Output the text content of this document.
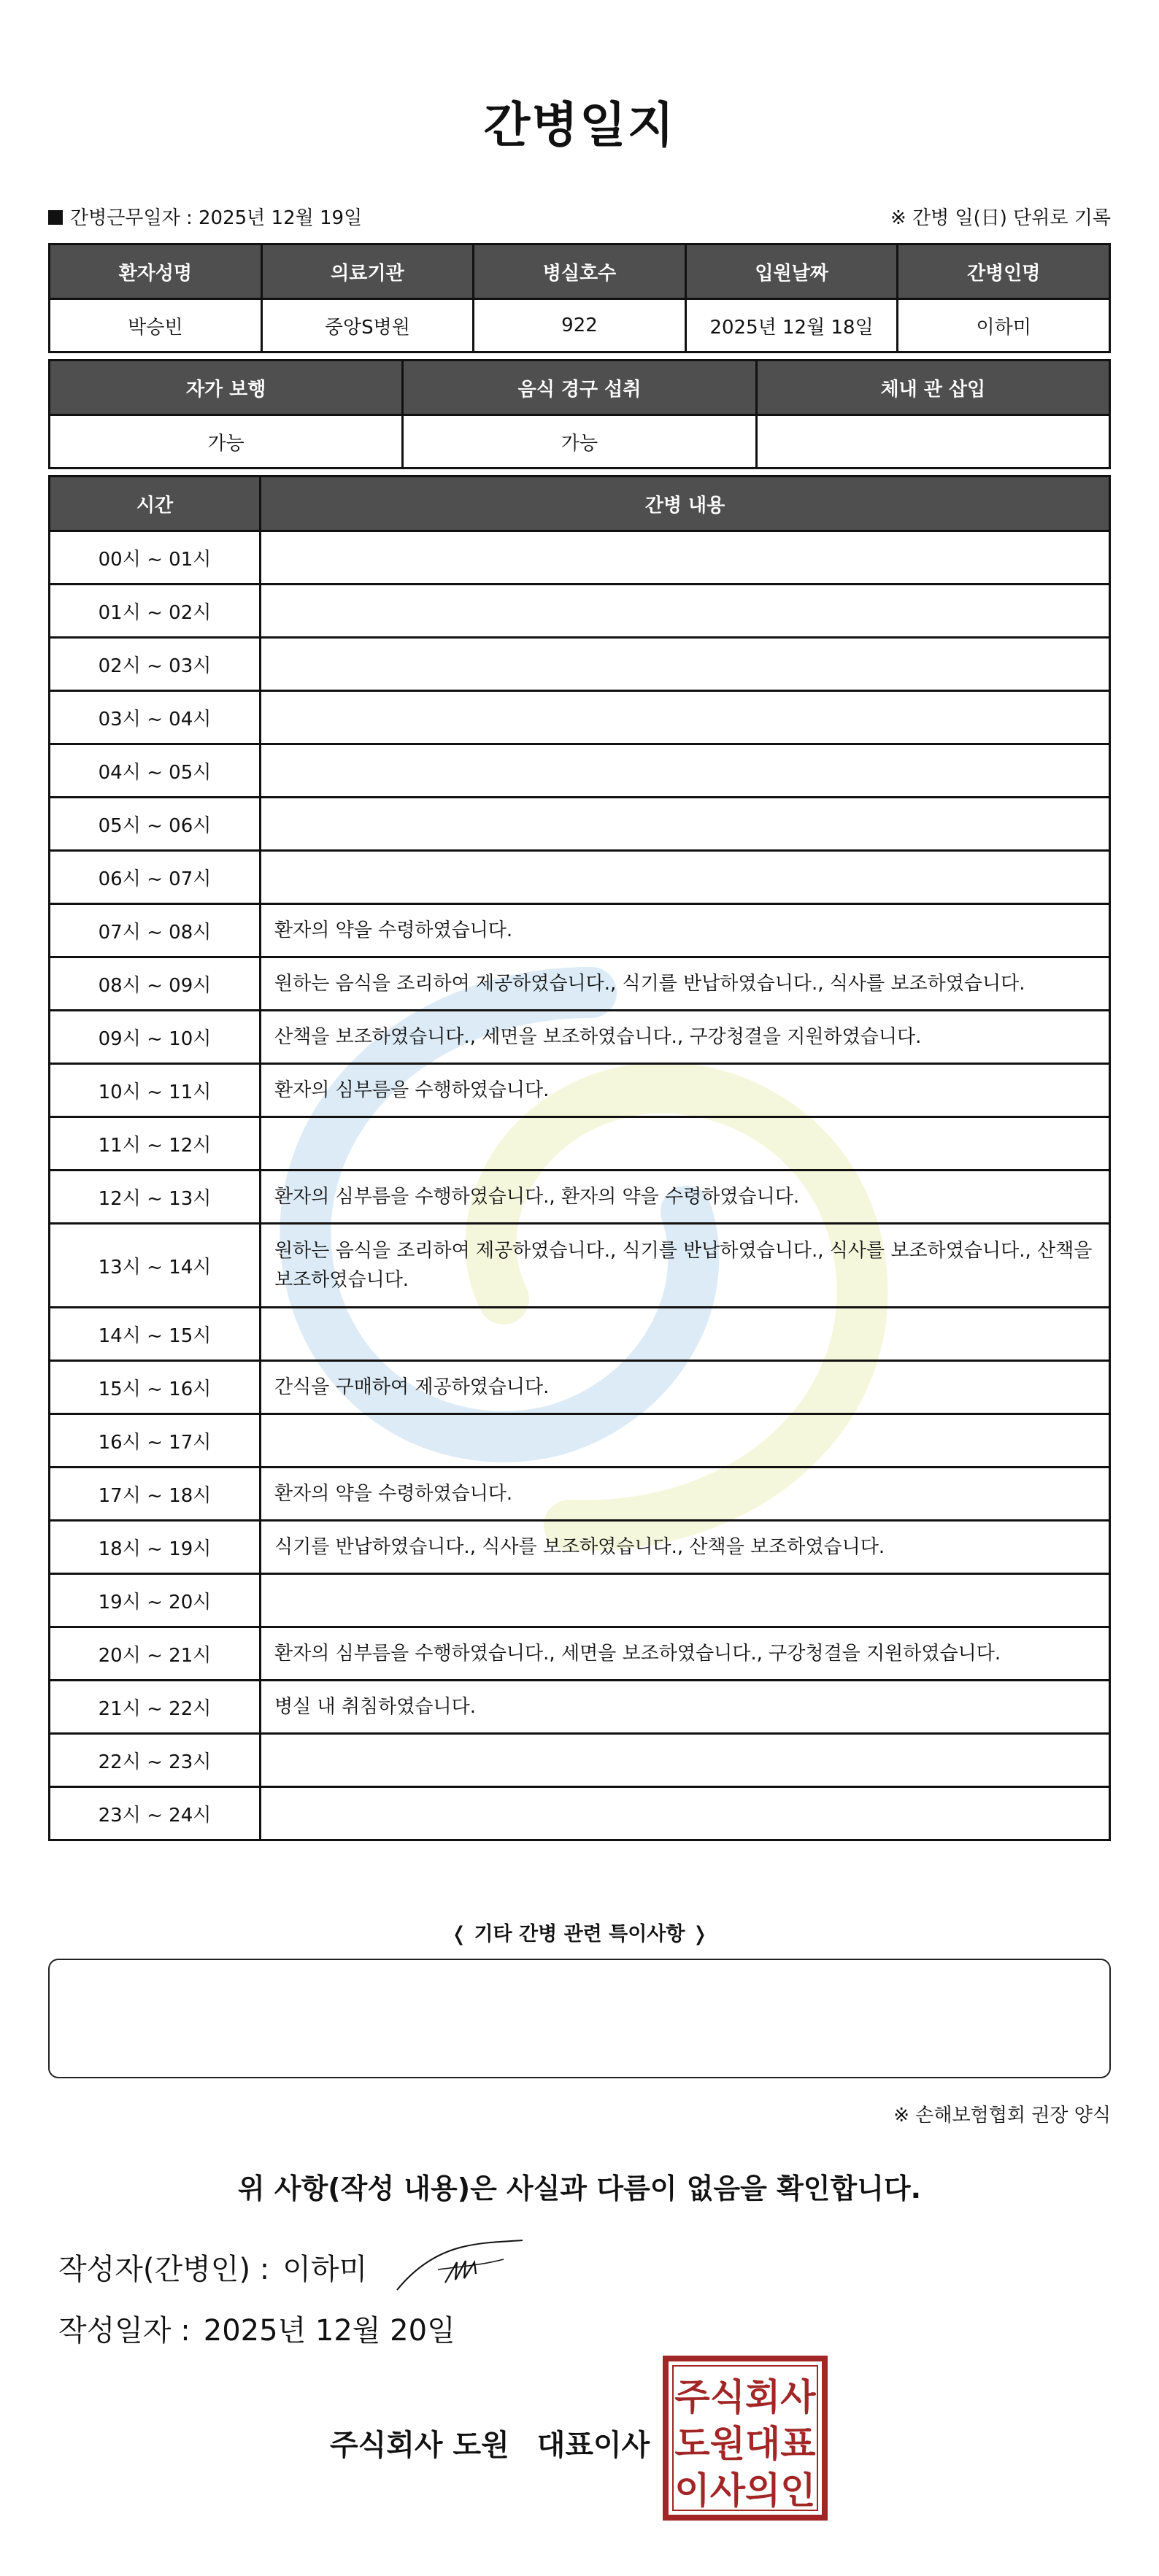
간병일지
간병근무일자 : 2025년 12월 19일	※ 간병 일(日) 단위로 기록
환자성명	의료기관	병실호수	입원날짜	간병인명
박승빈	중앙S병원	922	2025년 12월 18일	이하미
자가 보행	음식 경구 섭취	체내 관 삽입
가능	가능	
시간	간병 내용
00시 ~ 01시	
01시 ~ 02시	
02시 ~ 03시	
03시 ~ 04시	
04시 ~ 05시	
05시 ~ 06시	
06시 ~ 07시	
07시 ~ 08시	환자의 약을 수령하였습니다.
08시 ~ 09시	원하는 음식을 조리하여 제공하였습니다., 식기를 반납하였습니다., 식사를 보조하였습니다.
09시 ~ 10시	산책을 보조하였습니다., 세면을 보조하였습니다., 구강청결을 지원하였습니다.
10시 ~ 11시	환자의 심부름을 수행하였습니다.
11시 ~ 12시	
12시 ~ 13시	환자의 심부름을 수행하였습니다., 환자의 약을 수령하였습니다.
13시 ~ 14시	원하는 음식을 조리하여 제공하였습니다., 식기를 반납하였습니다., 식사를 보조하였습니다., 산책을 보조하였습니다.
14시 ~ 15시	
15시 ~ 16시	간식을 구매하여 제공하였습니다.
16시 ~ 17시	
17시 ~ 18시	환자의 약을 수령하였습니다.
18시 ~ 19시	식기를 반납하였습니다., 식사를 보조하였습니다., 산책을 보조하였습니다.
19시 ~ 20시	
20시 ~ 21시	환자의 심부름을 수행하였습니다., 세면을 보조하였습니다., 구강청결을 지원하였습니다.
21시 ~ 22시	병실 내 취침하였습니다.
22시 ~ 23시	
23시 ~ 24시	
❬ 기타 간병 관련 특이사항 ❭
※ 손해보험협회 권장 양식
위 사항(작성 내용)은 사실과 다름이 없음을 확인합니다.
작성자(간병인) : 이하미
작성일자 : 2025년 12월 20일
주식회사 도원 대표이사
주식회사
도원대표
이사의인
